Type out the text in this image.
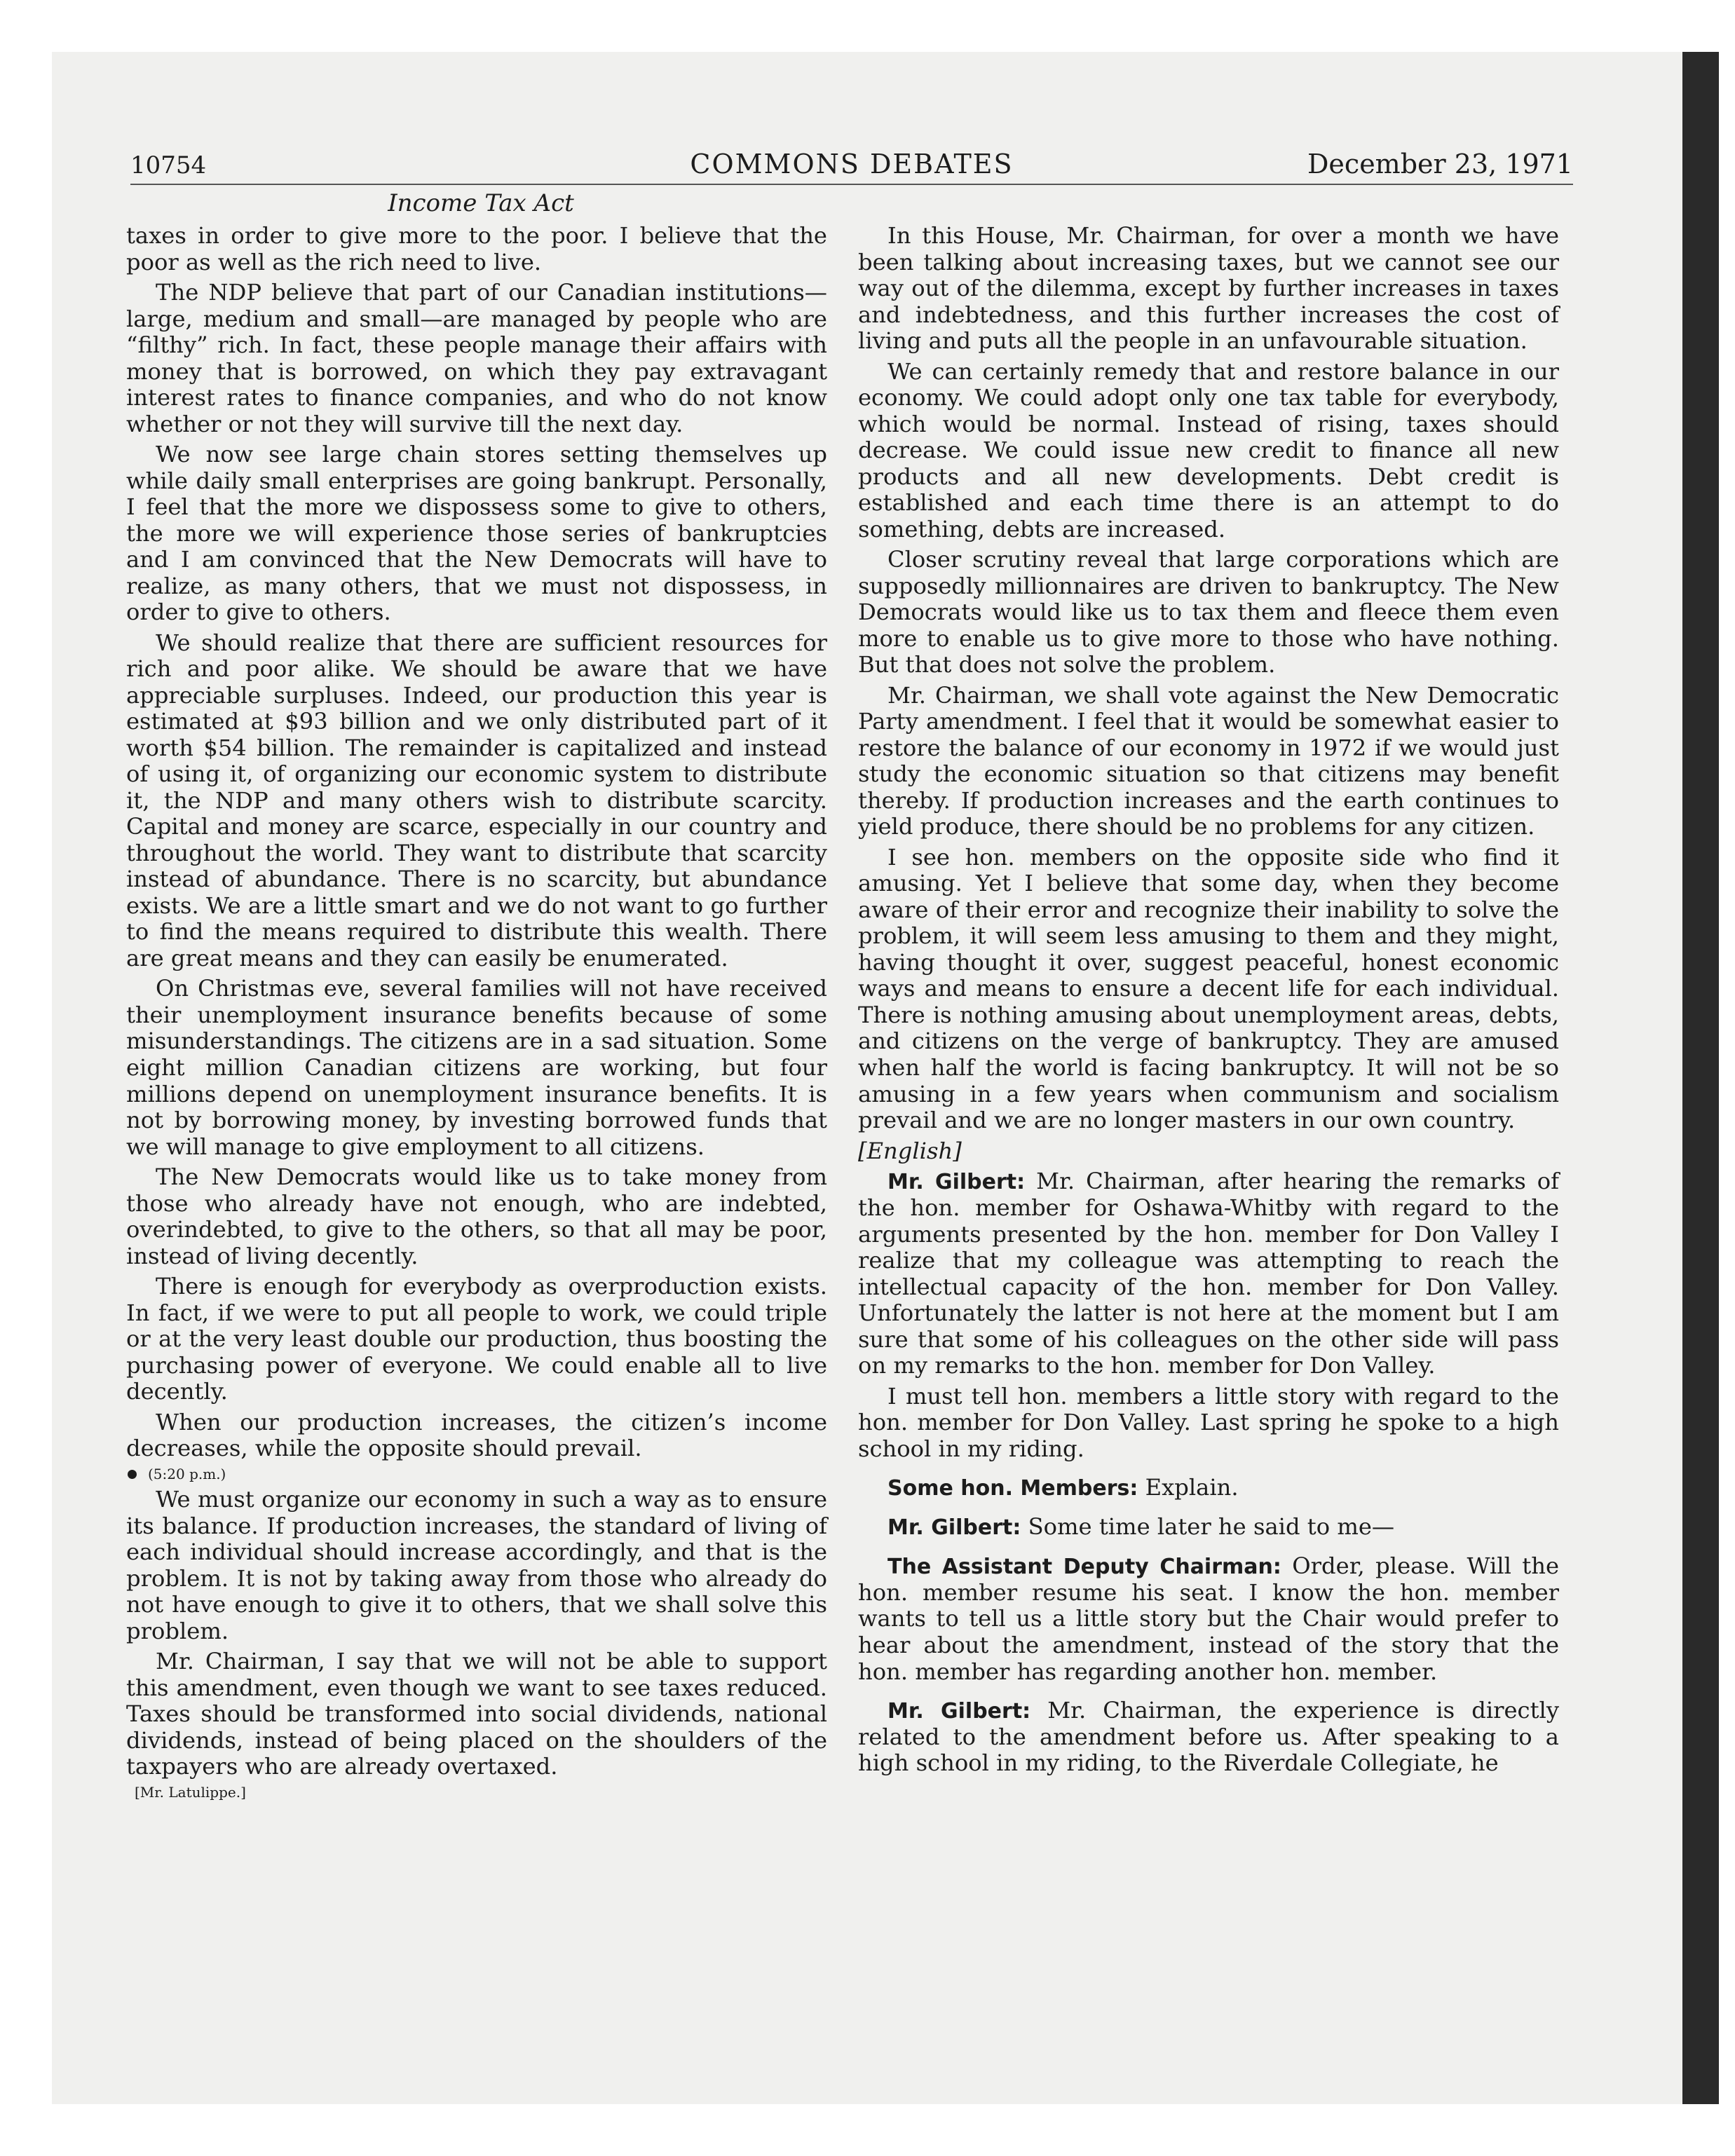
10754	COMMONS DEBATES	December 23, 1971
Income Tax Act

taxes in order to give more to the poor. I believe that the poor as well as the rich need to live.

The NDP believe that part of our Canadian institutions—large, medium and small—are managed by people who are “filthy” rich. In fact, these people manage their affairs with money that is borrowed, on which they pay extravagant interest rates to finance companies, and who do not know whether or not they will survive till the next day.

We now see large chain stores setting themselves up while daily small enterprises are going bankrupt. Personally, I feel that the more we dispossess some to give to others, the more we will experience those series of bankruptcies and I am convinced that the New Democrats will have to realize, as many others, that we must not dispossess, in order to give to others.

We should realize that there are sufficient resources for rich and poor alike. We should be aware that we have appreciable surpluses. Indeed, our production this year is estimated at $93 billion and we only distributed part of it worth $54 billion. The remainder is capitalized and instead of using it, of organizing our economic system to distribute it, the NDP and many others wish to distribute scarcity. Capital and money are scarce, especially in our country and throughout the world. They want to distribute that scarcity instead of abundance. There is no scarcity, but abundance exists. We are a little smart and we do not want to go further to find the means required to distribute this wealth. There are great means and they can easily be enumerated.

On Christmas eve, several families will not have received their unemployment insurance benefits because of some misunderstandings. The citizens are in a sad situation. Some eight million Canadian citizens are working, but four millions depend on unemployment insurance benefits. It is not by borrowing money, by investing borrowed funds that we will manage to give employment to all citizens.

The New Democrats would like us to take money from those who already have not enough, who are indebted, overindebted, to give to the others, so that all may be poor, instead of living decently.

There is enough for everybody as overproduction exists. In fact, if we were to put all people to work, we could triple or at the very least double our production, thus boosting the purchasing power of everyone. We could enable all to live decently.

When our production increases, the citizen’s income decreases, while the opposite should prevail.

(5:20 p.m.)

We must organize our economy in such a way as to ensure its balance. If production increases, the standard of living of each individual should increase accordingly, and that is the problem. It is not by taking away from those who already do not have enough to give it to others, that we shall solve this problem.

Mr. Chairman, I say that we will not be able to support this amendment, even though we want to see taxes reduced. Taxes should be transformed into social dividends, national dividends, instead of being placed on the shoulders of the taxpayers who are already overtaxed.

[Mr. Latulippe.]

In this House, Mr. Chairman, for over a month we have been talking about increasing taxes, but we cannot see our way out of the dilemma, except by further increases in taxes and indebtedness, and this further increases the cost of living and puts all the people in an unfavourable situation.

We can certainly remedy that and restore balance in our economy. We could adopt only one tax table for everybody, which would be normal. Instead of rising, taxes should decrease. We could issue new credit to finance all new products and all new developments. Debt credit is established and each time there is an attempt to do something, debts are increased.

Closer scrutiny reveal that large corporations which are supposedly millionnaires are driven to bankruptcy. The New Democrats would like us to tax them and fleece them even more to enable us to give more to those who have nothing. But that does not solve the problem.

Mr. Chairman, we shall vote against the New Democratic Party amendment. I feel that it would be somewhat easier to restore the balance of our economy in 1972 if we would just study the economic situation so that citizens may benefit thereby. If production increases and the earth continues to yield produce, there should be no problems for any citizen.

I see hon. members on the opposite side who find it amusing. Yet I believe that some day, when they become aware of their error and recognize their inability to solve the problem, it will seem less amusing to them and they might, having thought it over, suggest peaceful, honest economic ways and means to ensure a decent life for each individual. There is nothing amusing about unemployment areas, debts, and citizens on the verge of bankruptcy. They are amused when half the world is facing bankruptcy. It will not be so amusing in a few years when communism and socialism prevail and we are no longer masters in our own country.

[English]

Mr. Gilbert: Mr. Chairman, after hearing the remarks of the hon. member for Oshawa-Whitby with regard to the arguments presented by the hon. member for Don Valley I realize that my colleague was attempting to reach the intellectual capacity of the hon. member for Don Valley. Unfortunately the latter is not here at the moment but I am sure that some of his colleagues on the other side will pass on my remarks to the hon. member for Don Valley.

I must tell hon. members a little story with regard to the hon. member for Don Valley. Last spring he spoke to a high school in my riding.

Some hon. Members: Explain.

Mr. Gilbert: Some time later he said to me—

The Assistant Deputy Chairman: Order, please. Will the hon. member resume his seat. I know the hon. member wants to tell us a little story but the Chair would prefer to hear about the amendment, instead of the story that the hon. member has regarding another hon. member.

Mr. Gilbert: Mr. Chairman, the experience is directly related to the amendment before us. After speaking to a high school in my riding, to the Riverdale Collegiate, he
